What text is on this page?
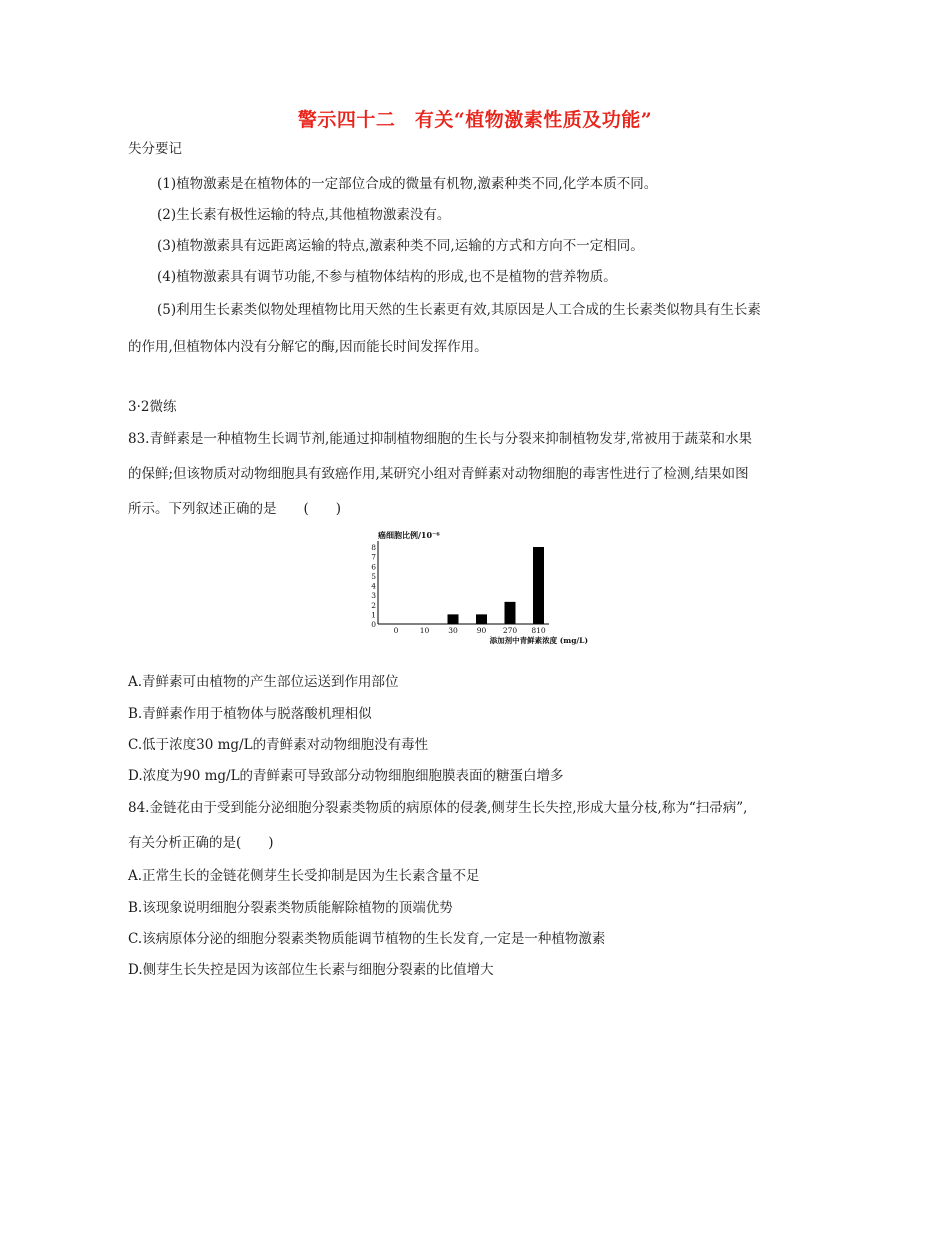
警示四十二　有关“植物激素性质及功能”
失分要记
(1)植物激素是在植物体的一定部位合成的微量有机物,激素种类不同,化学本质不同。
(2)生长素有极性运输的特点,其他植物激素没有。
(3)植物激素具有远距离运输的特点,激素种类不同,运输的方式和方向不一定相同。
(4)植物激素具有调节功能,不参与植物体结构的形成,也不是植物的营养物质。
(5)利用生长素类似物处理植物比用天然的生长素更有效,其原因是人工合成的生长素类似物具有生长素
的作用,但植物体内没有分解它的酶,因而能长时间发挥作用。
3·2微练
83.青鲜素是一种植物生长调节剂,能通过抑制植物细胞的生长与分裂来抑制植物发芽,常被用于蔬菜和水果
的保鲜;但该物质对动物细胞具有致癌作用,某研究小组对青鲜素对动物细胞的毒害性进行了检测,结果如图
所示。下列叙述正确的是　　(　　)
癌细胞比例/10⁻⁶
0
1
2
3
4
5
6
7
8
0	10	30	90 270 810
添加剂中青鲜素浓度 (mg/L)
A.青鲜素可由植物的产生部位运送到作用部位
B.青鲜素作用于植物体与脱落酸机理相似
C.低于浓度30 mg/L的青鲜素对动物细胞没有毒性
D.浓度为90 mg/L的青鲜素可导致部分动物细胞细胞膜表面的糖蛋白增多
84.金链花由于受到能分泌细胞分裂素类物质的病原体的侵袭,侧芽生长失控,形成大量分枝,称为“扫帚病”,
有关分析正确的是(　　)
A.正常生长的金链花侧芽生长受抑制是因为生长素含量不足
B.该现象说明细胞分裂素类物质能解除植物的顶端优势
C.该病原体分泌的细胞分裂素类物质能调节植物的生长发育,一定是一种植物激素
D.侧芽生长失控是因为该部位生长素与细胞分裂素的比值增大
